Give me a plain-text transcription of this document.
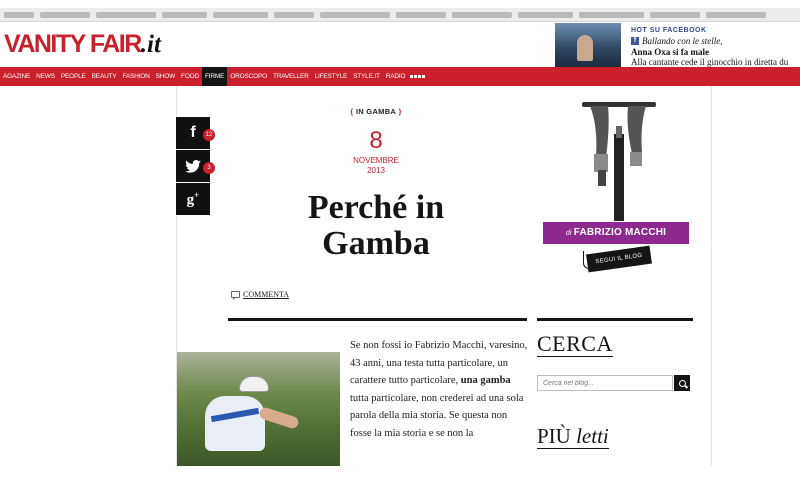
VANITY FAIR.it
HOT SU FACEBOOK
f Ballando con le stelle,
Anna Oxa si fa male
Alla cantante cede il ginocchio in diretta du
AGAZINE NEWS PEOPLE BEAUTY FASHION SHOW FOOD FIRME OROSCOPO TRAVELLER LIFESTYLE STYLE.IT RADIO
f	12
3
g+
{ IN GAMBA }
8
NOVEMBRE
2013
Perché in Gamba
COMMENTA

Se non fossi io Fabrizio Macchi, varesino, 43 anni, una testa tutta particolare, un carattere tutto particolare, una gamba tutta particolare, non crederei ad una sola parola della mia storia. Se questa non fosse la mia storia e se non la

di FABRIZIO MACCHI
SEGUI IL BLOG
CERCA
Cerca nel blog...
PIÙ letti
